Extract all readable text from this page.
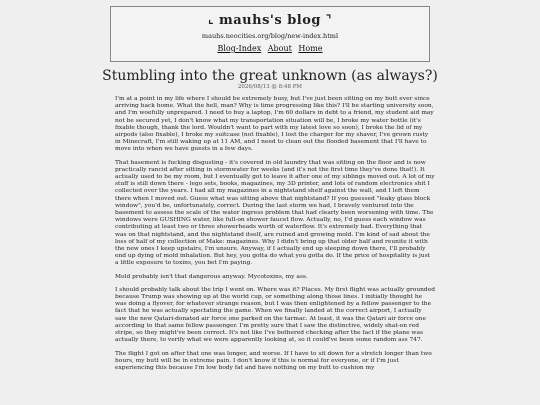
⌞ mauhs's blog ⌝
mauhs.neocities.org/blog/new-index.html
Blog-Index About Home
Stumbling into the great unknown (as always?)
2026/08/13 @ 8:48 PM

I'm at a point in my life where I should be extremely busy, but I've just been sitting on my butt ever since arriving back home. What the hell, man? Why is time progressing like this? I'll be starting university soon, and I'm woefully unprepared. I need to buy a laptop, I'm 60 dollars in debt to a friend, my student aid may not be secured yet, I don't know what my transportation situation will be, I broke my water bottle (it's fixable though, thank the lord. Wouldn't want to part with my latest love so soon), I broke the lid of my airpods (also fixable), I broke my suitcase (not fixable), I lost the charger for my shaver, I've grown rusty in Minecraft, I'm still waking up at 11 AM, and I need to clean out the flooded basement that I'll have to move into when we have guests in a few days.

That basement is fucking disgusting - it's covered in old laundry that was sitting on the floor and is now practically rancid after sitting in stormwater for weeks (and it's not the first time they've done that!). It actually used to be my room, but I eventually got to leave it after one of my siblings moved out. A lot of my stuff is still down there - lego sets, books, magazines, my 3D printer, and lots of random electronics shit I collected over the years. I had all my magazines in a nightstand shelf against the wall, and I left them there when I moved out. Guess what was sitting above that nightstand? If you guessed "leaky glass block window", you'd be, unfortunately, correct. During the last storm we had, I bravely ventured into the basement to assess the scale of the water ingress problem that had clearly been worsening with time. The windows were GUSHING water, like full-on shower faucet flow. Actually, no, I'd guess each window was contributing at least two or three showerheads worth of waterflow. It's extremely bad. Everything that was on that nightstand, and the nightstand itself, are ruined and growing mold. I'm kind of sad about the loss of half of my collection of Make: magazines. Why I didn't bring up that older half and reunite it with the new ones I keep upstairs, I'm unsure. Anyway, if I actually end up sleeping down there, I'll probably end up dying of mold inhalation. But hey, you gotta do what you gotta do. If the price of hospitality is just a little exposure to toxins, you bet I'm paying.

Mold probably isn't that dangerous anyway. Mycotoxins, my ass.

I should probably talk about the trip I went on. Where was it? Places. My first flight was actually grounded because Trump was showing up at the world cup, or something along those lines. I initially thought he was doing a flyover, for whatever strange reason, but I was then enlightened by a fellow passenger to the fact that he was actually spectating the game. When we finally landed at the correct airport, I actually saw the new Qatari-donated air force one parked on the tarmac. At least, it was the Qatari air force one according to that same fellow passenger. I'm pretty sure that I saw the distinctive, widely shat-on red stripe, so they might've been correct. It's not like I've bothered checking after the fact if the plane was actually there, to verify what we were apparently looking at, so it could've been some random ass 747.

The flight I got on after that one was longer, and worse. If I have to sit down for a stretch longer than two hours, my butt will be in extreme pain. I don't know if this is normal for everyone, or if I'm just experiencing this because I'm low body fat and have nothing on my butt to cushion my
